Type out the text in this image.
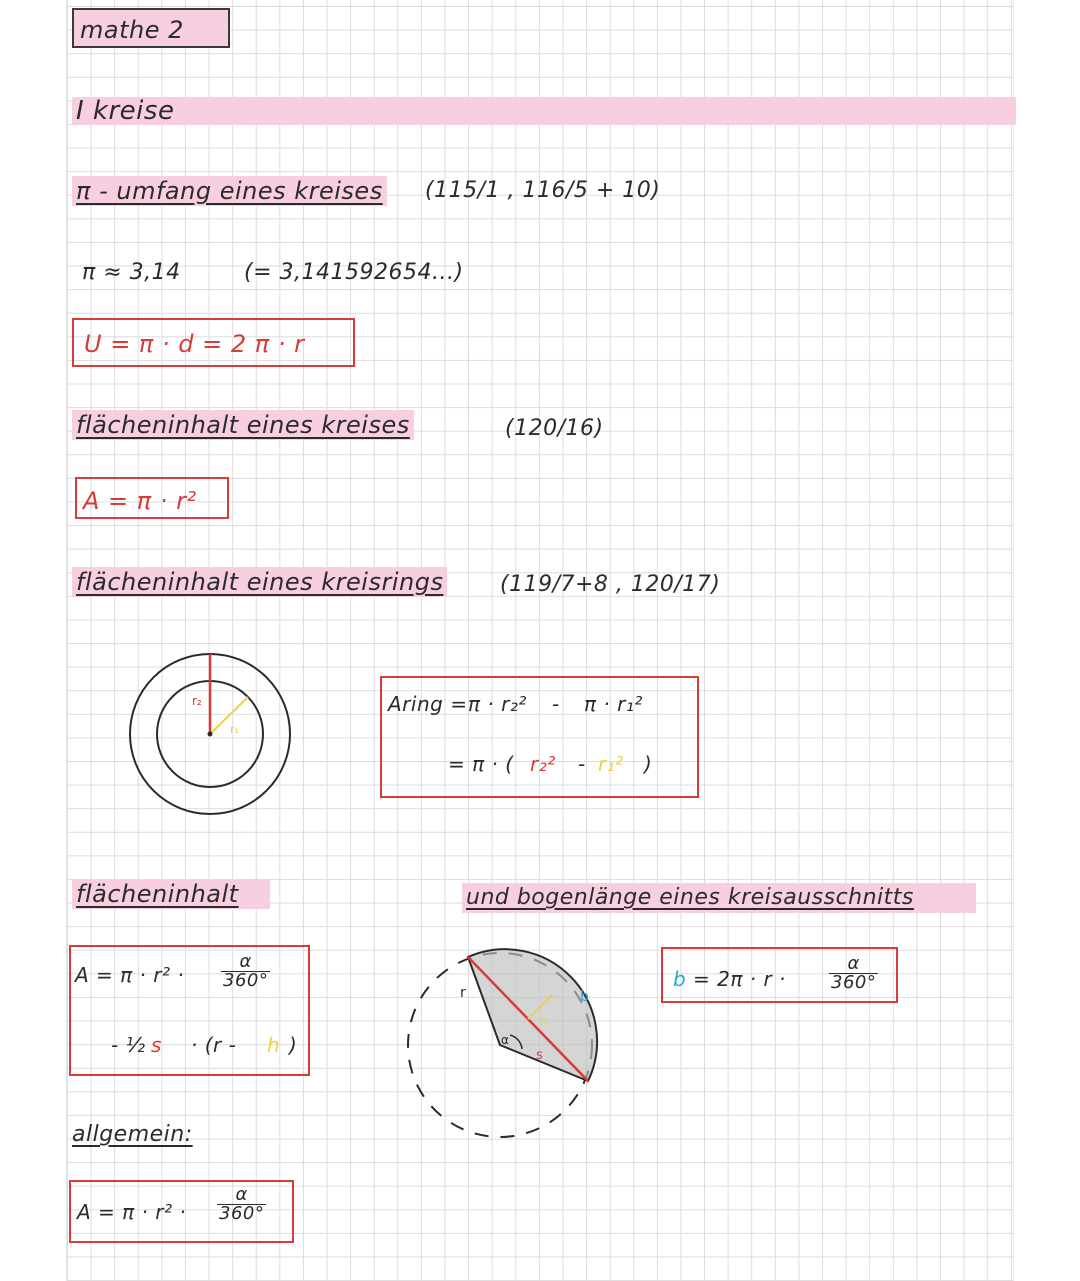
mathe 2
I kreise
π - umfang eines kreises (115/1 , 116/5 + 10)
π ≈ 3,14	(= 3,141592654...)
U = π · d = 2 π · r
flächeninhalt eines kreises	(120/16)
A = π · r²
flächeninhalt eines kreisrings	(119/7+8 , 120/17)
r₂
r₁
Aring = π · r₂² - π · r₁²
= π · ( r₂² - r₁² )
flächeninhalt	und bogenlänge eines kreisausschnitts
$A = \pi \cdot r^2 \cdot \frac{\alpha}{360^\circ}$
- ½ s · (r - h )
r
α
s
b
h
$b = 2\pi \cdot r \cdot \frac{\alpha}{360^\circ}$
allgemein:
$A = \pi \cdot r^2 \cdot \frac{\alpha}{360^\circ}$
